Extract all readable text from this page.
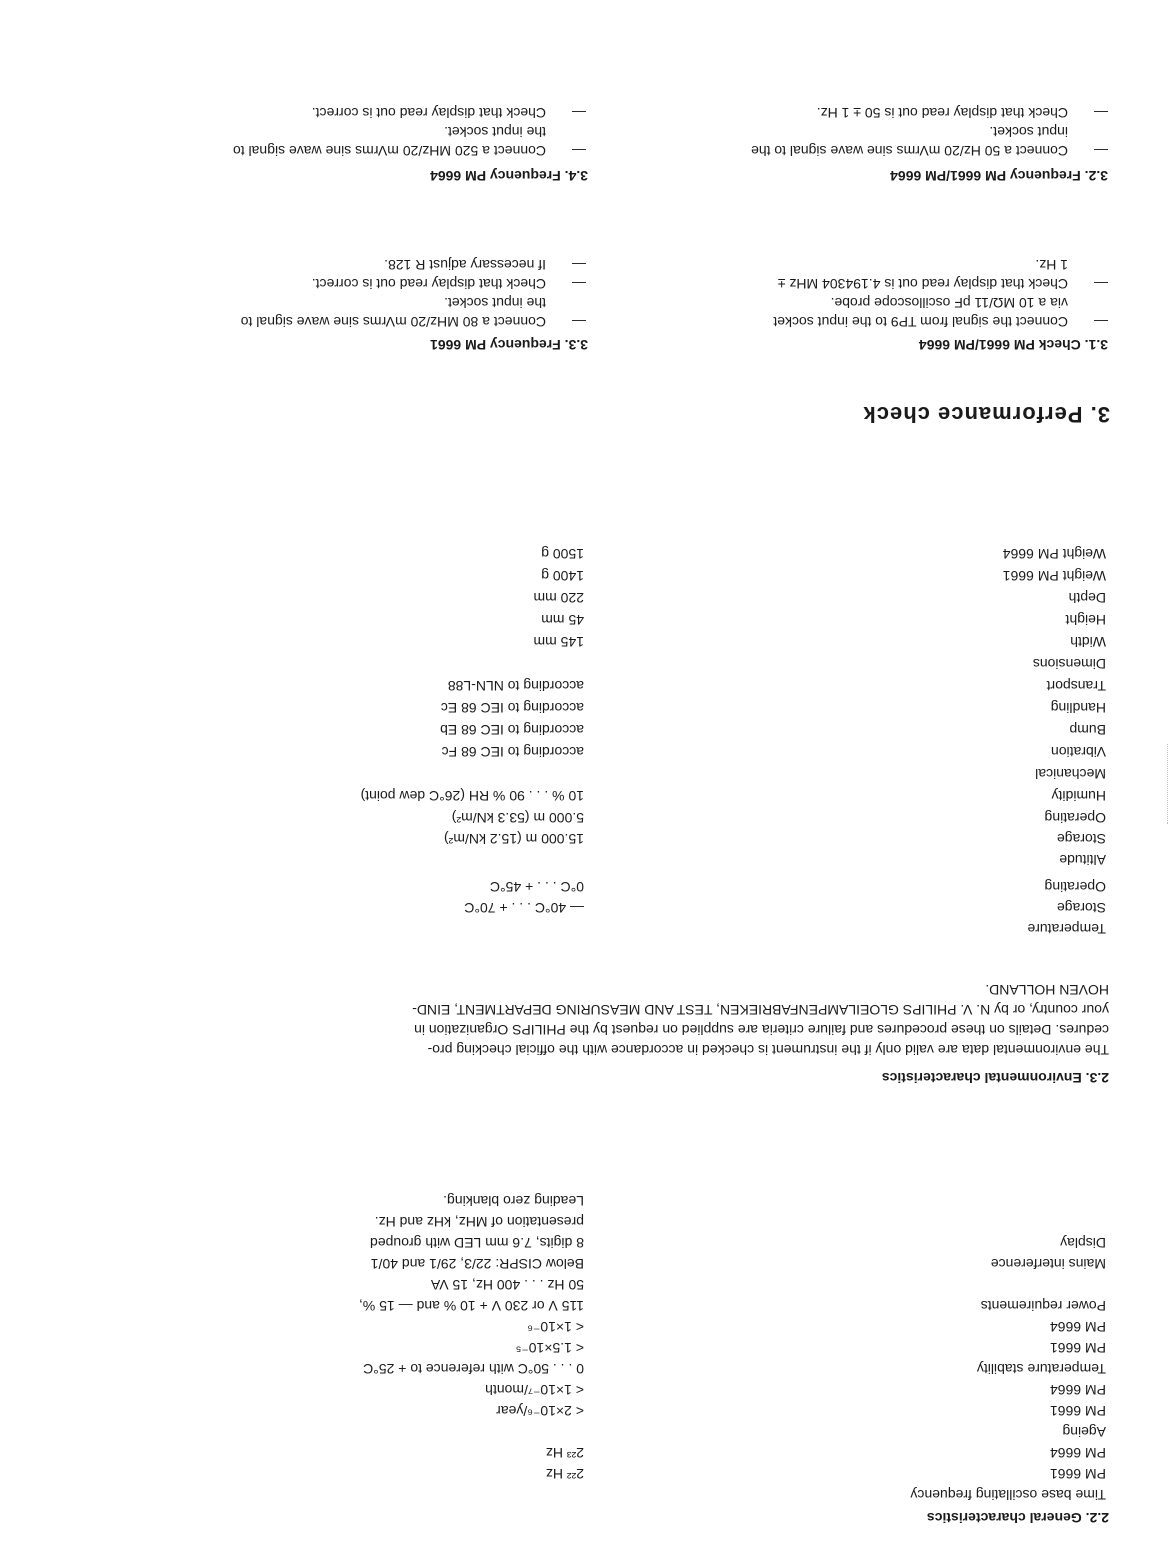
2.2. General characteristics
Time base oscillating frequency
PM 6661
2²² Hz
PM 6664
2²³ Hz
Ageing
PM 6661
< 2×10⁻⁶/year
PM 6664
< 1×10⁻⁷/month
Temperature stability
0 . . . 50°C with reference to + 25°C
PM 6661
< 1.5×10⁻⁵
PM 6664
< 1×10⁻⁶
Power requirements
115 V or 230 V + 10 % and — 15 %,
50 Hz . . . 400 Hz, 15 VA
Mains interference
Below CISPR: 22/3, 29/1 and 40/1
Display
8 digits, 7.6 mm LED with grouped
presentation of MHz, kHz and Hz.
Leading zero blanking.
2.3. Environmental characteristics
The environmental data are valid only if the instrument is checked in accordance with the official checking pro-
cedures. Details on these procedures and failure criteria are supplied on request by the PHILIPS Organization in
your country, or by N. V. PHILIPS GLOEILAMPENFABRIEKEN, TEST AND MEASURING DEPARTMENT, EIND-
HOVEN HOLLAND.
Temperature
Storage
— 40°C . . . + 70°C
Operating
0°C . . . + 45°C
Altitude
Storage
15.000 m (15.2 kN/m²)
Operating
5.000 m (53.3 kN/m²)
Humidity
10 % . . . 90 % RH (26°C dew point)
Mechanical
Vibration
according to IEC 68 Fc
Bump
according to IEC 68 Eb
Handling
according to IEC 68 Ec
Transport
according to NLN-L88
Dimensions
Width
145 mm
Height
45 mm
Depth
220 mm
Weight PM 6661
1400 g
Weight PM 6664
1500 g
3. Performance check
3.1. Check PM 6661/PM 6664
—
Connect the signal from TP9 to the input socket
via a 10 MΩ/11 pF oscilloscope probe.
—
Check that display read out is 4.194304 MHz ±
1 Hz.
3.2. Frequency PM 6661/PM 6664
—
Connect a 50 Hz/20 mVrms sine wave signal to the
input socket.
—
Check that display read out is 50 ± 1 Hz.
3.3. Frequency PM 6661
—
Connect a 80 MHz/20 mVrms sine wave signal to
the input socket.
—
Check that display read out is correct.
—
If necessary adjust R 128.
3.4. Frequency PM 6664
—
Connect a 520 MHz/20 mVrms sine wave signal to
the input socket.
—
Check that display read out is correct.
